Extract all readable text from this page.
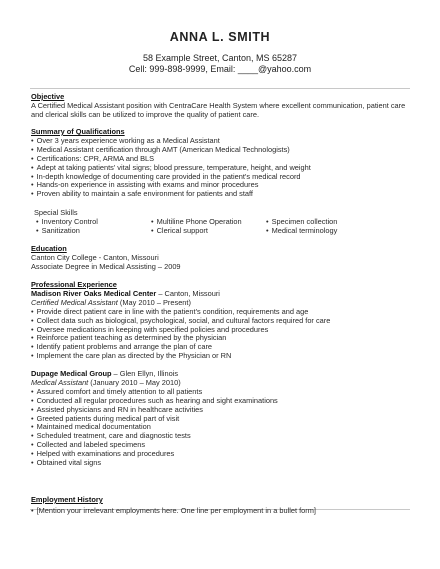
ANNA L. SMITH
58 Example Street, Canton, MS 65287
Cell: 999-898-9999, Email: ____@yahoo.com
Objective
A Certified Medical Assistant position with CentraCare Health System where excellent communication, patient care and clerical skills can be utilized to improve the quality of patient care.
Summary of Qualifications
• Over 3 years experience working as a Medical Assistant
• Medical Assistant certification through AMT (American Medical Technologists)
• Certifications: CPR, ARMA and BLS
• Adept at taking patients' vital signs; blood pressure, temperature, height, and weight
• In-depth knowledge of documenting care provided in the patient's medical record
• Hands-on experience in assisting with exams and minor procedures
• Proven ability to maintain a safe environment for patients and staff
Special Skills
• Inventory Control	• Multiline Phone Operation	• Specimen collection
• Sanitization	• Clerical support	• Medical terminology
Education
Canton City College - Canton, Missouri
Associate Degree in Medical Assisting – 2009
Professional Experience
Madison River Oaks Medical Center – Canton, Missouri
Certified Medical Assistant (May 2010 – Present)
• Provide direct patient care in line with the patient's condition, requirements and age
• Collect data such as biological, psychological, social, and cultural factors required for care
• Oversee medications in keeping with specified policies and procedures
• Reinforce patient teaching as determined by the physician
• Identify patient problems and arrange the plan of care
• Implement the care plan as directed by the Physician or RN
Dupage Medical Group – Glen Ellyn, Illinois
Medical Assistant (January 2010 – May 2010)
• Assured comfort and timely attention to all patients
• Conducted all regular procedures such as hearing and sight examinations
• Assisted physicians and RN in healthcare activities
• Greeted patients during medical part of visit
• Maintained medical documentation
• Scheduled treatment, care and diagnostic tests
• Collected and labeled specimens
• Helped with examinations and procedures
• Obtained vital signs
Employment History
• [Mention your irrelevant employments here. One line per employment in a bullet form]
